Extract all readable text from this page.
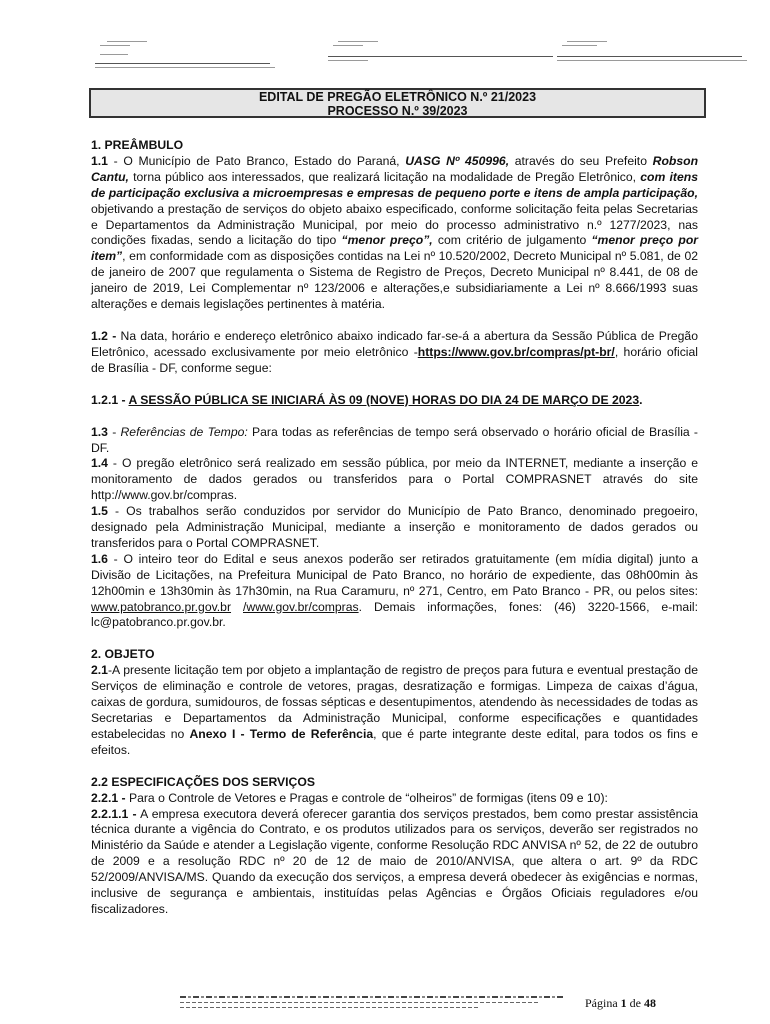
EDITAL DE PREGÃO ELETRÔNICO N.º 21/2023
PROCESSO N.º 39/2023

1. PREÂMBULO

1.1 - O Município de Pato Branco, Estado do Paraná, UASG Nº 450996, através do seu Prefeito Robson Cantu, torna público aos interessados, que realizará licitação na modalidade de Pregão Eletrônico, com itens de participação exclusiva a microempresas e empresas de pequeno porte e itens de ampla participação, objetivando a prestação de serviços do objeto abaixo especificado, conforme solicitação feita pelas Secretarias e Departamentos da Administração Municipal, por meio do processo administrativo n.º 1277/2023, nas condições fixadas, sendo a licitação do tipo “menor preço”, com critério de julgamento “menor preço por item”, em conformidade com as disposições contidas na Lei nº 10.520/2002, Decreto Municipal nº 5.081, de 02 de janeiro de 2007 que regulamenta o Sistema de Registro de Preços, Decreto Municipal nº 8.441, de 08 de janeiro de 2019, Lei Complementar nº 123/2006 e alterações,e subsidiariamente a Lei nº 8.666/1993 suas alterações e demais legislações pertinentes à matéria.

1.2 - Na data, horário e endereço eletrônico abaixo indicado far-se-á a abertura da Sessão Pública de Pregão Eletrônico, acessado exclusivamente por meio eletrônico -https://www.gov.br/compras/pt-br/, horário oficial de Brasília - DF, conforme segue:

1.2.1 - A SESSÃO PÚBLICA SE INICIARÁ ÀS 09 (NOVE) HORAS DO DIA 24 DE MARÇO DE 2023.

1.3 - Referências de Tempo: Para todas as referências de tempo será observado o horário oficial de Brasília - DF.

1.4 - O pregão eletrônico será realizado em sessão pública, por meio da INTERNET, mediante a inserção e monitoramento de dados gerados ou transferidos para o Portal COMPRASNET através do site http://www.gov.br/compras.

1.5 - Os trabalhos serão conduzidos por servidor do Município de Pato Branco, denominado pregoeiro, designado pela Administração Municipal, mediante a inserção e monitoramento de dados gerados ou transferidos para o Portal COMPRASNET.

1.6 - O inteiro teor do Edital e seus anexos poderão ser retirados gratuitamente (em mídia digital) junto a Divisão de Licitações, na Prefeitura Municipal de Pato Branco, no horário de expediente, das 08h00min às 12h00min e 13h30min às 17h30min, na Rua Caramuru, nº 271, Centro, em Pato Branco - PR, ou pelos sites: www.patobranco.pr.gov.br /www.gov.br/compras. Demais informações, fones: (46) 3220-1566, e-mail: lc@patobranco.pr.gov.br.

2. OBJETO

2.1-A presente licitação tem por objeto a implantação de registro de preços para futura e eventual prestação de Serviços de eliminação e controle de vetores, pragas, desratização e formigas. Limpeza de caixas d’água, caixas de gordura, sumidouros, de fossas sépticas e desentupimentos, atendendo às necessidades de todas as Secretarias e Departamentos da Administração Municipal, conforme especificações e quantidades estabelecidas no Anexo I - Termo de Referência, que é parte integrante deste edital, para todos os fins e efeitos.

2.2 ESPECIFICAÇÕES DOS SERVIÇOS

2.2.1 - Para o Controle de Vetores e Pragas e controle de “olheiros” de formigas (itens 09 e 10):

2.2.1.1 - A empresa executora deverá oferecer garantia dos serviços prestados, bem como prestar assistência técnica durante a vigência do Contrato, e os produtos utilizados para os serviços, deverão ser registrados no Ministério da Saúde e atender a Legislação vigente, conforme Resolução RDC ANVISA nº 52, de 22 de outubro de 2009 e a resolução RDC nº 20 de 12 de maio de 2010/ANVISA, que altera o art. 9º da RDC 52/2009/ANVISA/MS. Quando da execução dos serviços, a empresa deverá obedecer às exigências e normas, inclusive de segurança e ambientais, instituídas pelas Agências e Órgãos Oficiais reguladores e/ou fiscalizadores.

Página 1 de 48
